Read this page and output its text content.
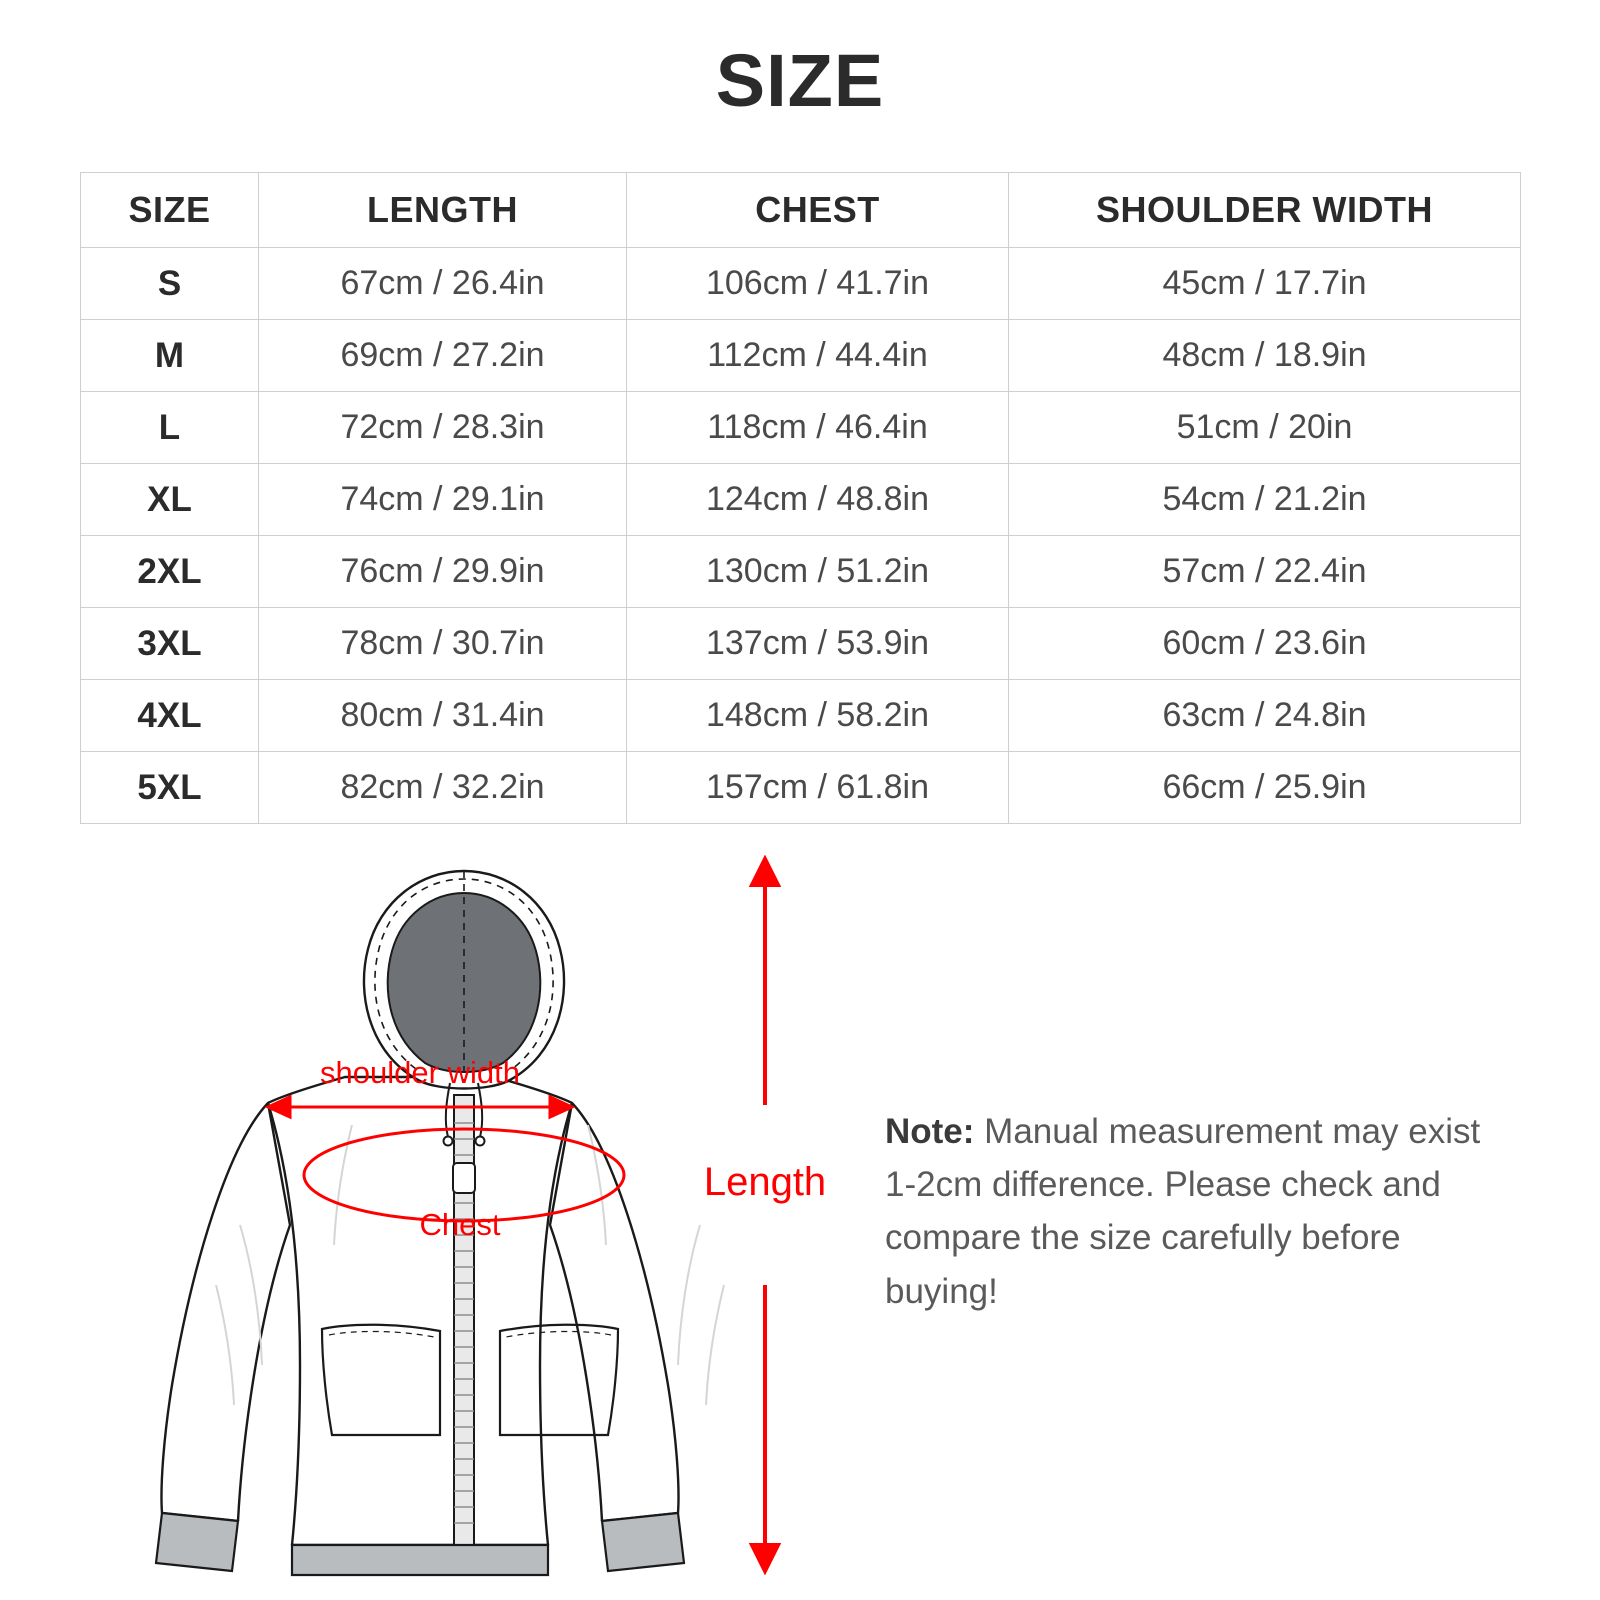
SIZE
SIZE	LENGTH	CHEST	SHOULDER WIDTH
S	67cm / 26.4in	106cm / 41.7in	45cm / 17.7in
M	69cm / 27.2in	112cm / 44.4in	48cm / 18.9in
L	72cm / 28.3in	118cm / 46.4in	51cm / 20in
XL	74cm / 29.1in	124cm / 48.8in	54cm / 21.2in
2XL	76cm / 29.9in	130cm / 51.2in	57cm / 22.4in
3XL	78cm / 30.7in	137cm / 53.9in	60cm / 23.6in
4XL	80cm / 31.4in	148cm / 58.2in	63cm / 24.8in
5XL	82cm / 32.2in	157cm / 61.8in	66cm / 25.9in
shoulder width
Chest
Length
Note: Manual measurement may exist 1-2cm difference. Please check and compare the size carefully before buying!
